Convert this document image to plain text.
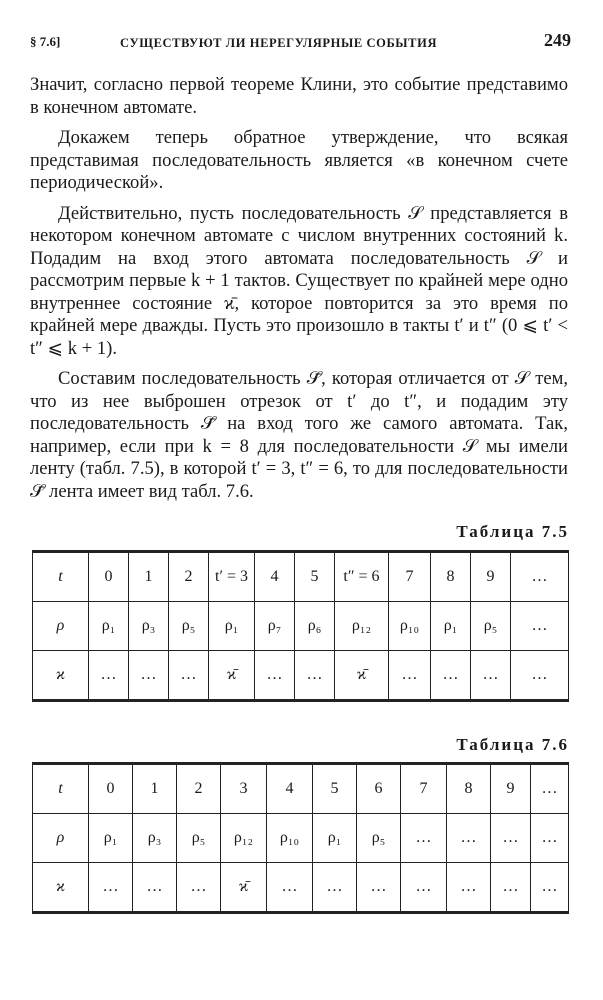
§ 7.6]	СУЩЕСТВУЮТ ЛИ НЕРЕГУЛЯРНЫЕ СОБЫТИЯ	249

Значит, согласно первой теореме Клини, это событие представимо в конечном автомате.

Докажем теперь обратное утверждение, что всякая представимая последовательность является «в конечном счете периодической».

Действительно, пусть последовательность 𝒮 представляется в некотором конечном автомате с числом внутренних состояний k. Подадим на вход этого автомата последовательность 𝒮 и рассмотрим первые k + 1 тактов. Существует по крайней мере одно внутреннее состояние ϰ̄, которое повторится за это время по крайней мере дважды. Пусть это произошло в такты t′ и t″ (0 ⩽ t′ < t″ ⩽ k + 1).

Составим последовательность 𝒮̄, которая отличается от 𝒮 тем, что из нее выброшен отрезок от t′ до t″, и подадим эту последовательность 𝒮̄ на вход того же самого автомата. Так, например, если при k = 8 для последовательности 𝒮 мы имели ленту (табл. 7.5), в которой t′ = 3, t″ = 6, то для последовательности 𝒮̄ лента имеет вид табл. 7.6.

Таблица 7.5
t	0	1	2	t′ = 3	4	5	t″ = 6	7	8	9	…
ρ	ρ₁	ρ₃	ρ₅	ρ₁	ρ₇	ρ₆	ρ₁₂	ρ₁₀	ρ₁	ρ₅	…
ϰ	…	…	…	ϰ̄	…	…	ϰ̄	…	…	…	…
Таблица 7.6
t	0	1	2	3	4	5	6	7	8	9	…
ρ	ρ₁	ρ₃	ρ₅	ρ₁₂	ρ₁₀	ρ₁	ρ₅	…	…	…	…
ϰ	…	…	…	ϰ̄	…	…	…	…	…	…	…
